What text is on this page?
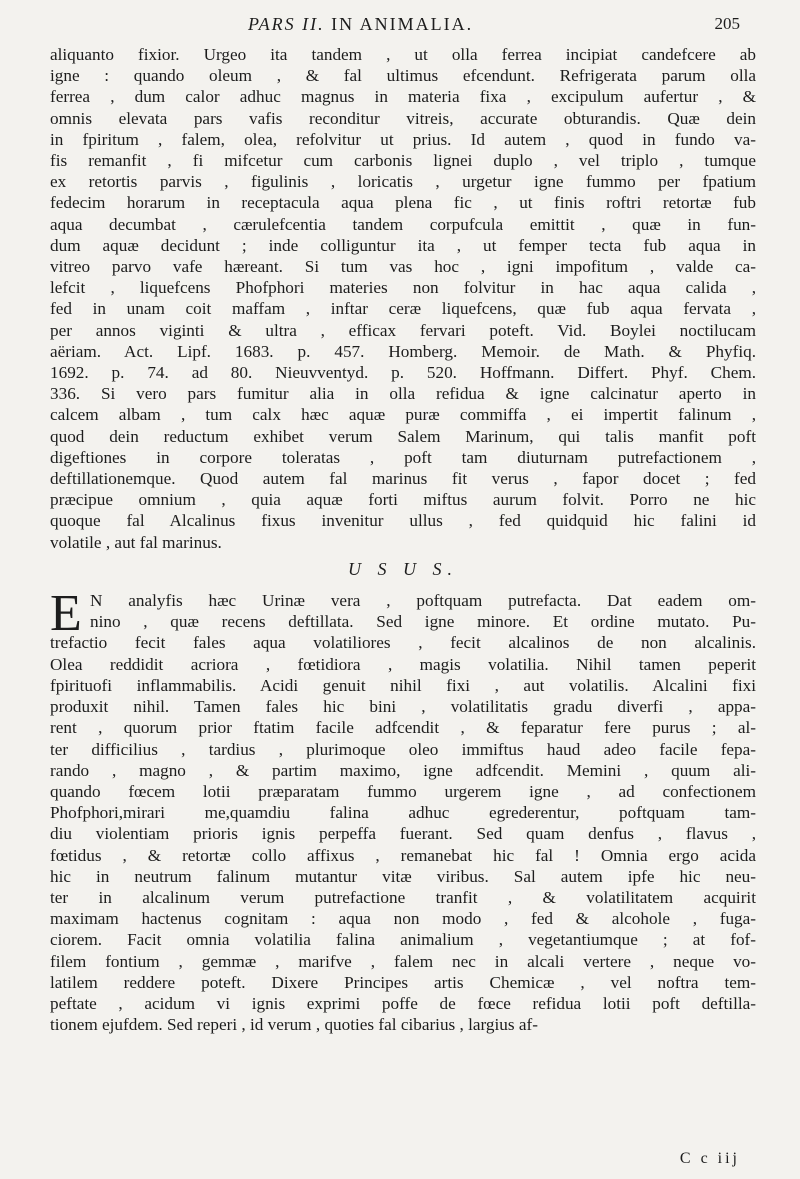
PARS II. IN ANIMALIA.	205
aliquanto fixior. Urgeo ita tandem , ut olla ferrea incipiat candefcere ab
igne : quando oleum , & fal ultimus efcendunt. Refrigerata parum olla
ferrea , dum calor adhuc magnus in materia fixa , excipulum aufertur , &
omnis elevata pars vafis reconditur vitreis, accurate obturandis. Quæ dein
in fpiritum , falem, olea, refolvitur ut prius. Id autem , quod in fundo va-
fis remanfit , fi mifcetur cum carbonis lignei duplo , vel triplo , tumque
ex retortis parvis , figulinis , loricatis , urgetur igne fummo per fpatium
fedecim horarum in receptacula aqua plena fic , ut finis roftri retortæ fub
aqua decumbat , cærulefcentia tandem corpufcula emittit , quæ in fun-
dum aquæ decidunt ; inde colliguntur ita , ut femper tecta fub aqua in
vitreo parvo vafe hæreant. Si tum vas hoc , igni impofitum , valde ca-
lefcit , liquefcens Phofphori materies non folvitur in hac aqua calida ,
fed in unam coit maffam , inftar ceræ liquefcens, quæ fub aqua fervata ,
per annos viginti & ultra , efficax fervari poteft. Vid. Boylei noctilucam
aëriam. Act. Lipf. 1683. p. 457. Homberg. Memoir. de Math. & Phyfiq.
1692. p. 74. ad 80. Nieuvventyd. p. 520. Hoffmann. Differt. Phyf. Chem.
336. Si vero pars fumitur alia in olla refidua & igne calcinatur aperto in
calcem albam , tum calx hæc aquæ puræ commiffa , ei impertit falinum ,
quod dein reductum exhibet verum Salem Marinum, qui talis manfit poft
digeftiones in corpore toleratas , poft tam diuturnam putrefactionem ,
deftillationemque. Quod autem fal marinus fit verus , fapor docet ; fed
præcipue omnium , quia aquæ forti miftus aurum folvit. Porro ne hic
quoque fal Alcalinus fixus invenitur ullus , fed quidquid hic falini id
volatile , aut fal marinus.
U S U S.
E N analyfis hæc Urinæ vera , poftquam putrefacta. Dat eadem om-
nino , quæ recens deftillata. Sed igne minore. Et ordine mutato. Pu-
trefactio fecit fales aqua volatiliores , fecit alcalinos de non alcalinis.
Olea reddidit acriora , fœtidiora , magis volatilia. Nihil tamen peperit
fpirituofi inflammabilis. Acidi genuit nihil fixi , aut volatilis. Alcalini fixi
produxit nihil. Tamen fales hic bini , volatilitatis gradu diverfi , appa-
rent , quorum prior ftatim facile adfcendit , & feparatur fere purus ; al-
ter difficilius , tardius , plurimoque oleo immiftus haud adeo facile fepa-
rando , magno , & partim maximo, igne adfcendit. Memini , quum ali-
quando fœcem lotii præparatam fummo urgerem igne , ad confectionem
Phofphori,mirari me,quamdiu falina adhuc egrederentur, poftquam tam-
diu violentiam prioris ignis perpeffa fuerant. Sed quam denfus , flavus ,
fœtidus , & retortæ collo affixus , remanebat hic fal ! Omnia ergo acida
hic in neutrum falinum mutantur vitæ viribus. Sal autem ipfe hic neu-
ter in alcalinum verum putrefactione tranfit , & volatilitatem acquirit
maximam hactenus cognitam : aqua non modo , fed & alcohole , fuga-
ciorem. Facit omnia volatilia falina animalium , vegetantiumque ; at fof-
filem fontium , gemmæ , marifve , falem nec in alcali vertere , neque vo-
latilem reddere poteft. Dixere Principes artis Chemicæ , vel noftra tem-
peftate , acidum vi ignis exprimi poffe de fœce refidua lotii poft deftilla-
tionem ejufdem. Sed reperi , id verum , quoties fal cibarius , largius af-
C c iij
